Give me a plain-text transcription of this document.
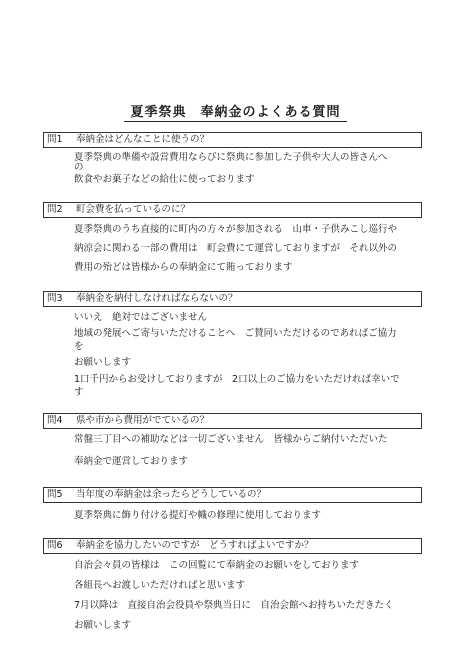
夏季祭典　奉納金のよくある質問
問1 奉納金はどんなことに使うの？
夏季祭典の準備や設営費用ならびに祭典に参加した子供や大人の皆さんへ
の
飲食やお菓子などの給仕に使っております
問2 町会費を払っているのに？
夏季祭典のうち直接的に町内の方々が参加される　山車・子供みこし巡行や
納涼会に関わる一部の費用は　町会費にて運営しておりますが　それ以外の
費用の殆どは皆様からの奉納金にて賄っております
問3 奉納金を納付しなければならないの？
いいえ　絶対ではございません
地域の発展へご寄与いただけることへ　ご賛同いただけるのであればご協力
を
お願いします
1口千円からお受けしておりますが　2口以上のご協力をいただければ幸いで
す
問4 県や市から費用がでているの？
常盤三丁目への補助などは一切ございません　皆様からご納付いただいた
奉納金で運営しております
問5 当年度の奉納金は余ったらどうしているの？
夏季祭典に飾り付ける提灯や幟の修理に使用しております
問6 奉納金を協力したいのですが　どうすればよいですか？
自治会々員の皆様は　この回覧にて奉納金のお願いをしております
各組長へお渡しいただければと思います
7月以降は　直接自治会役員や祭典当日に　自治会館へお持ちいただきたく
お願いします
